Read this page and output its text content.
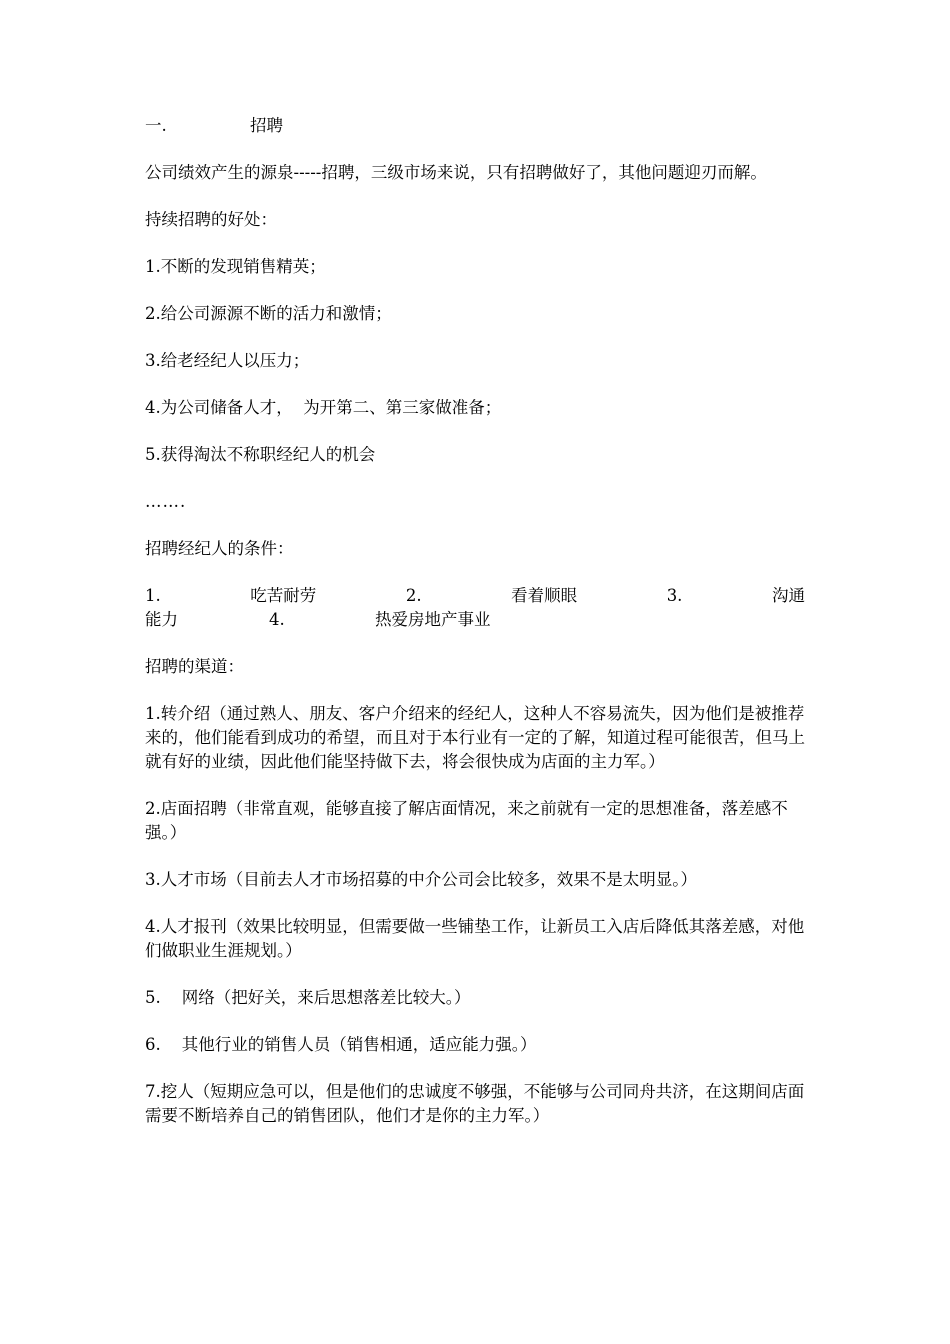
一.	招聘

公司绩效产生的源泉-----招聘，三级市场来说，只有招聘做好了，其他问题迎刃而解。

持续招聘的好处：

1.不断的发现销售精英；

2.给公司源源不断的活力和激情；

3.给老经纪人以压力；

4.为公司储备人才，  为开第二、第三家做准备；

5.获得淘汰不称职经纪人的机会

…….

招聘经纪人的条件：

1.	吃苦耐劳	2.	看着顺眼	3.	沟通
能力	4.	热爱房地产事业

招聘的渠道：

1.转介绍（通过熟人、朋友、客户介绍来的经纪人，这种人不容易流失，因为他们是被推荐来的，他们能看到成功的希望，而且对于本行业有一定的了解，知道过程可能很苦，但马上就有好的业绩，因此他们能坚持做下去，将会很快成为店面的主力军。）

2.店面招聘（非常直观，能够直接了解店面情况，来之前就有一定的思想准备，落差感不强。）

3.人才市场（目前去人才市场招募的中介公司会比较多，效果不是太明显。）

4.人才报刊（效果比较明显，但需要做一些铺垫工作，让新员工入店后降低其落差感，对他们做职业生涯规划。）

5.    网络（把好关，来后思想落差比较大。）

6.    其他行业的销售人员（销售相通，适应能力强。）

7.挖人（短期应急可以，但是他们的忠诚度不够强，不能够与公司同舟共济，在这期间店面需要不断培养自己的销售团队，他们才是你的主力军。）
